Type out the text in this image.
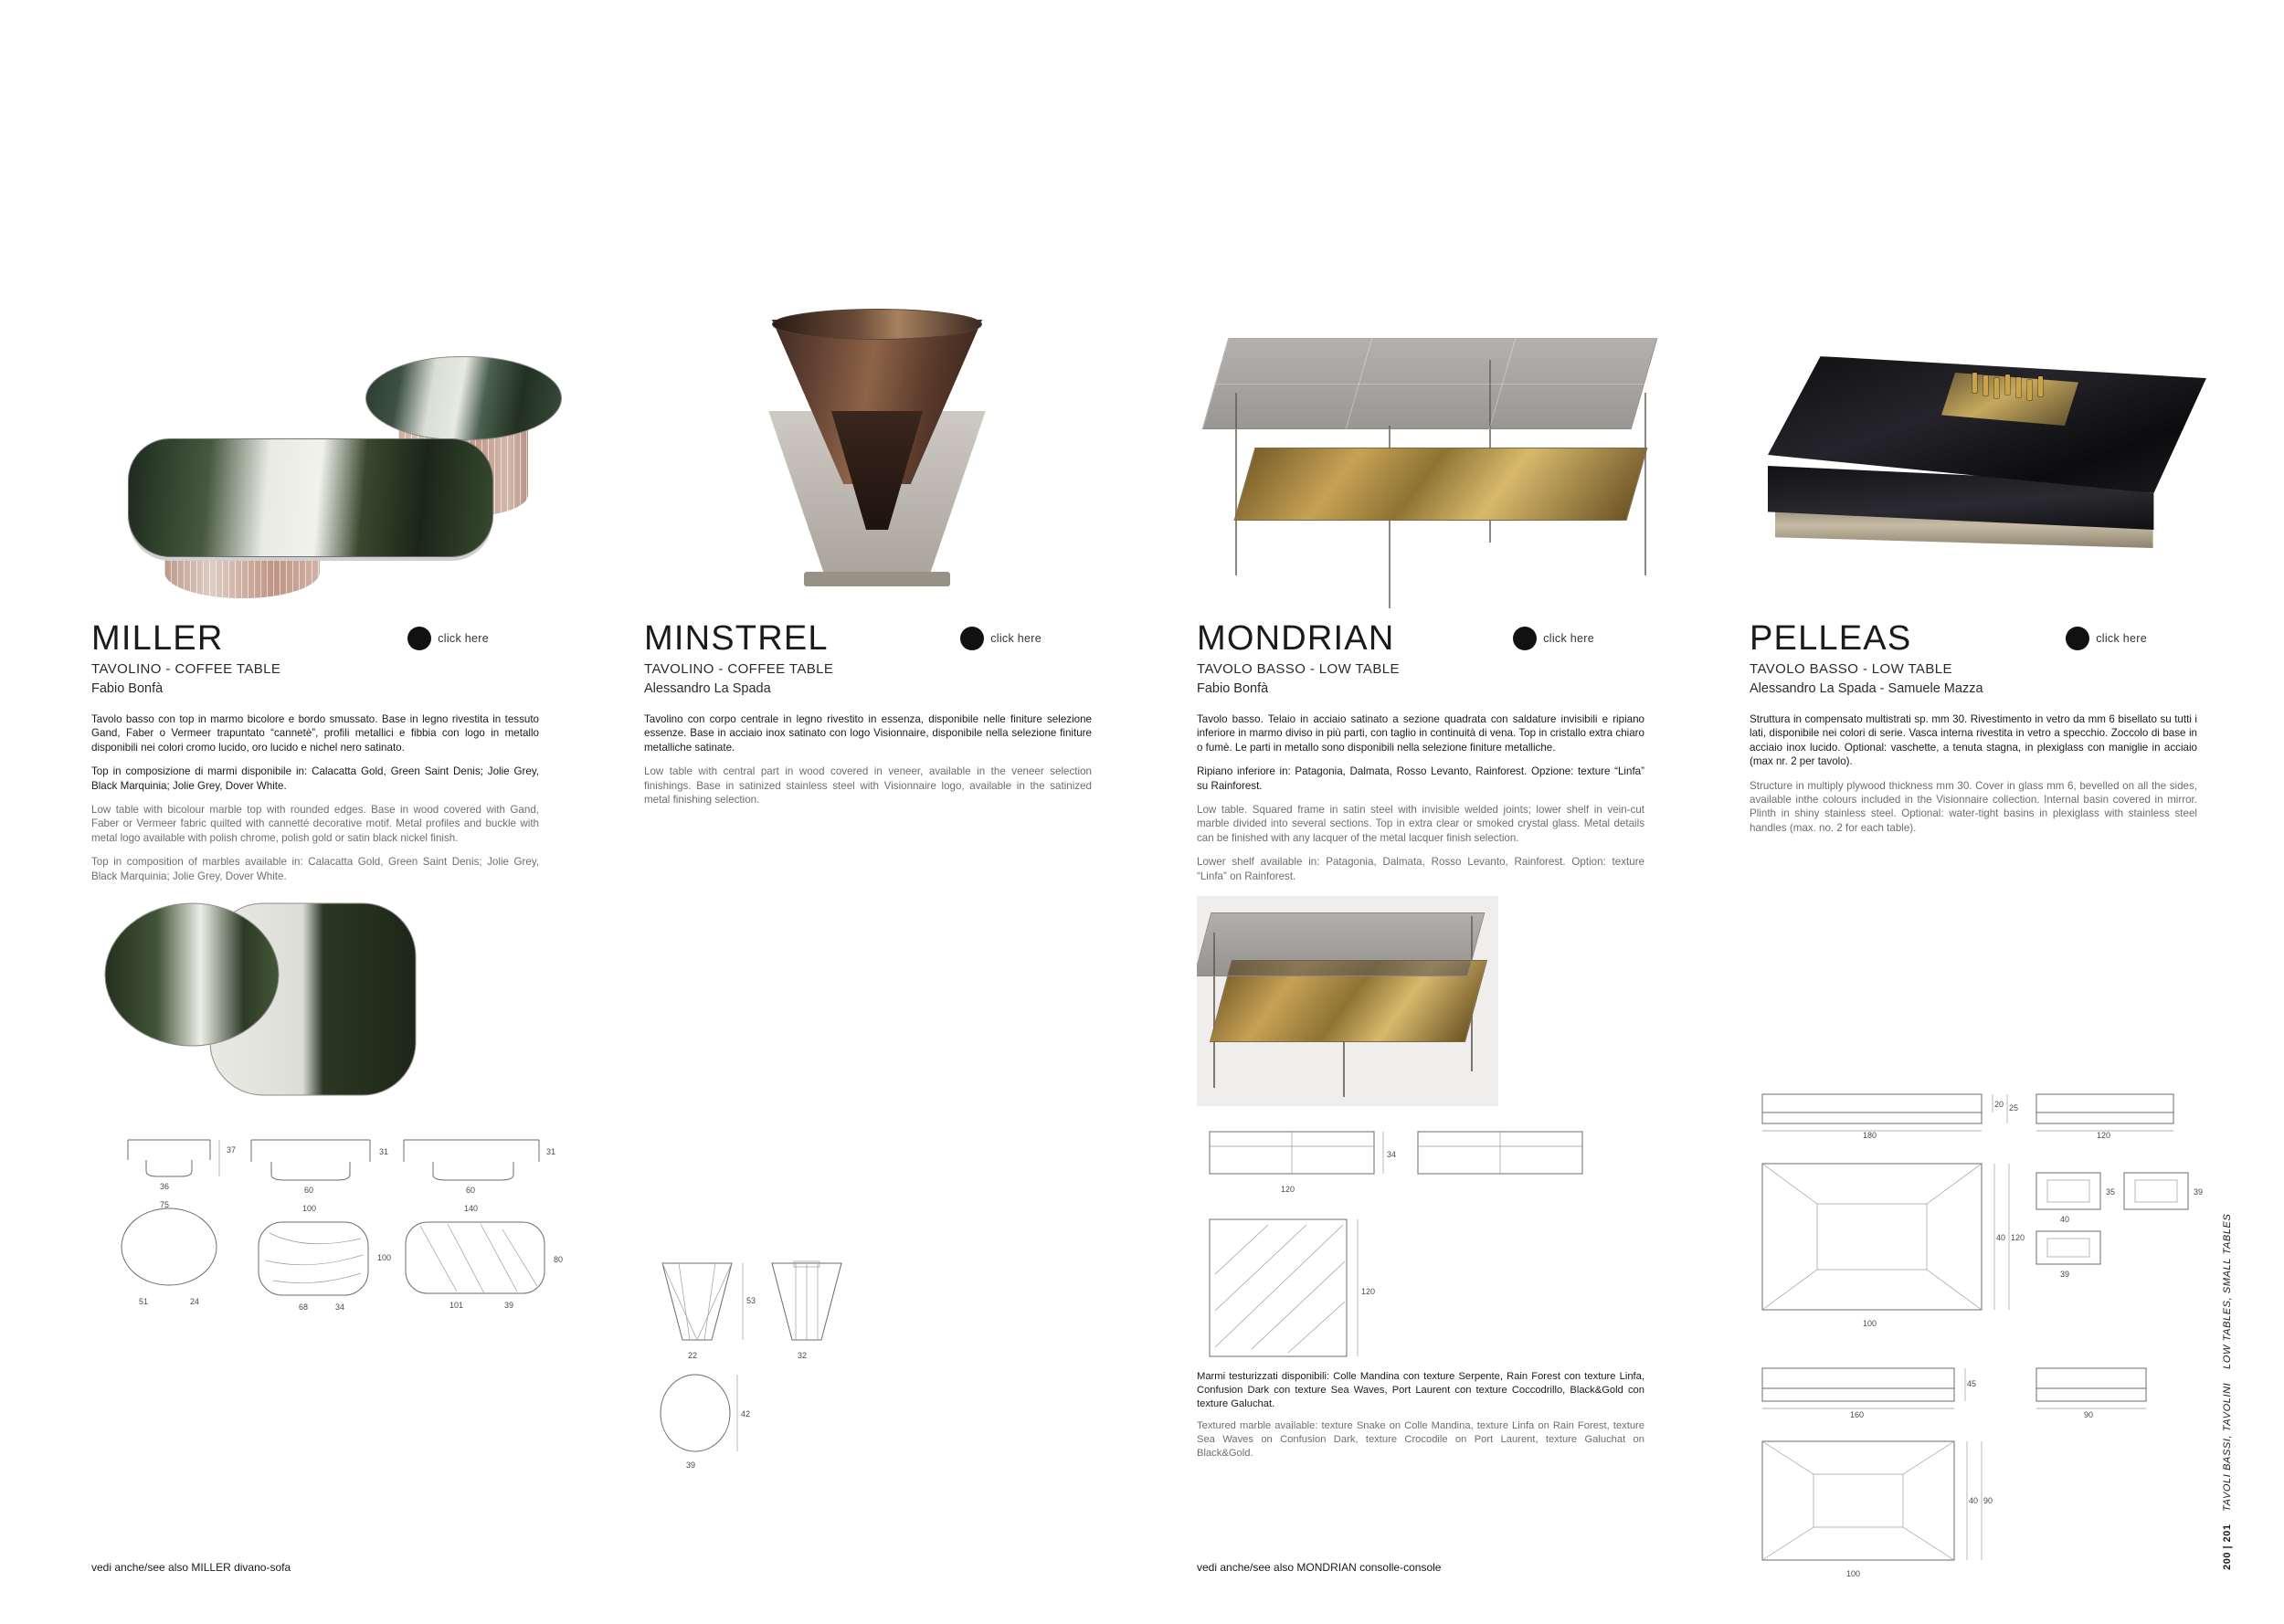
MILLER	click here
TAVOLINO - COFFEE TABLE
Fabio Bonfà

Tavolo basso con top in marmo bicolore e bordo smussato. Base in legno rivestita in tessuto Gand, Faber o Vermeer trapuntato “cannetè”, profili metallici e fibbia con logo in metallo disponibili nei colori cromo lucido, oro lucido e nichel nero satinato.

Top in composizione di marmi disponibile in: Calacatta Gold, Green Saint Denis; Jolie Grey, Black Marquinia; Jolie Grey, Dover White.

Low table with bicolour marble top with rounded edges. Base in wood covered with Gand, Faber or Vermeer fabric quilted with cannetté decorative motif. Metal profiles and buckle with metal logo available with polish chrome, polish gold or satin black nickel finish.

Top in composition of marbles available in: Calacatta Gold, Green Saint Denis; Jolie Grey, Black Marquinia; Jolie Grey, Dover White.

37
36
75
51	24
31
60
100
68	34
100
31
60
140
101	39
80
vedi anche/see also MILLER divano-sofa
MINSTREL	click here
TAVOLINO - COFFEE TABLE
Alessandro La Spada

Tavolino con corpo centrale in legno rivestito in essenza, disponibile nelle finiture selezione essenze. Base in acciaio inox satinato con logo Visionnaire, disponibile nella selezione finiture metalliche satinate.

Low table with central part in wood covered in veneer, available in the veneer selection finishings. Base in satinized stainless steel with Visionnaire logo, available in the satinized metal finishing selection.

53
22	32
42
39
MONDRIAN	click here
TAVOLO BASSO - LOW TABLE
Fabio Bonfà

Tavolo basso. Telaio in acciaio satinato a sezione quadrata con saldature invisibili e ripiano inferiore in marmo diviso in più parti, con taglio in continuità di vena. Top in cristallo extra chiaro o fumè. Le parti in metallo sono disponibili nella selezione finiture metalliche.

Ripiano inferiore in: Patagonia, Dalmata, Rosso Levanto, Rainforest. Opzione: texture “Linfa” su Rainforest.

Low table. Squared frame in satin steel with invisible welded joints; lower shelf in vein-cut marble divided into several sections. Top in extra clear or smoked crystal glass. Metal details can be finished with any lacquer of the metal lacquer finish selection.

Lower shelf available in: Patagonia, Dalmata, Rosso Levanto, Rainforest. Option: texture “Linfa” on Rainforest.

34
120
120

Marmi testurizzati disponibili: Colle Mandina con texture Serpente, Rain Forest con texture Linfa, Confusion Dark con texture Sea Waves, Port Laurent con texture Coccodrillo, Black&Gold con texture Galuchat.

Textured marble available: texture Snake on Colle Mandina, texture Linfa on Rain Forest, texture Sea Waves on Confusion Dark, texture Crocodile on Port Laurent, texture Galuchat on Black&Gold.

vedi anche/see also MONDRIAN consolle-console
PELLEAS	click here
TAVOLO BASSO - LOW TABLE
Alessandro La Spada - Samuele Mazza

Struttura in compensato multistrati sp. mm 30. Rivestimento in vetro da mm 6 bisellato su tutti i lati, disponibile nei colori di serie. Vasca interna rivestita in vetro a specchio. Zoccolo di base in acciaio inox lucido. Optional: vaschette, a tenuta stagna, in plexiglass con maniglie in acciaio (max nr. 2 per tavolo).

Structure in multiply plywood thickness mm 30. Cover in glass mm 6, bevelled on all the sides, available inthe colours included in the Visionnaire collection. Internal basin covered in mirror. Plinth in shiny stainless steel. Optional: water-tight basins in plexiglass with stainless steel handles (max. no. 2 for each table).

20 25
180	120
40 120
100
35	39
40
39
45
160	90
40 90
100
200 | 201
TAVOLI BASSI, TAVOLINI
LOW TABLES, SMALL TABLES
